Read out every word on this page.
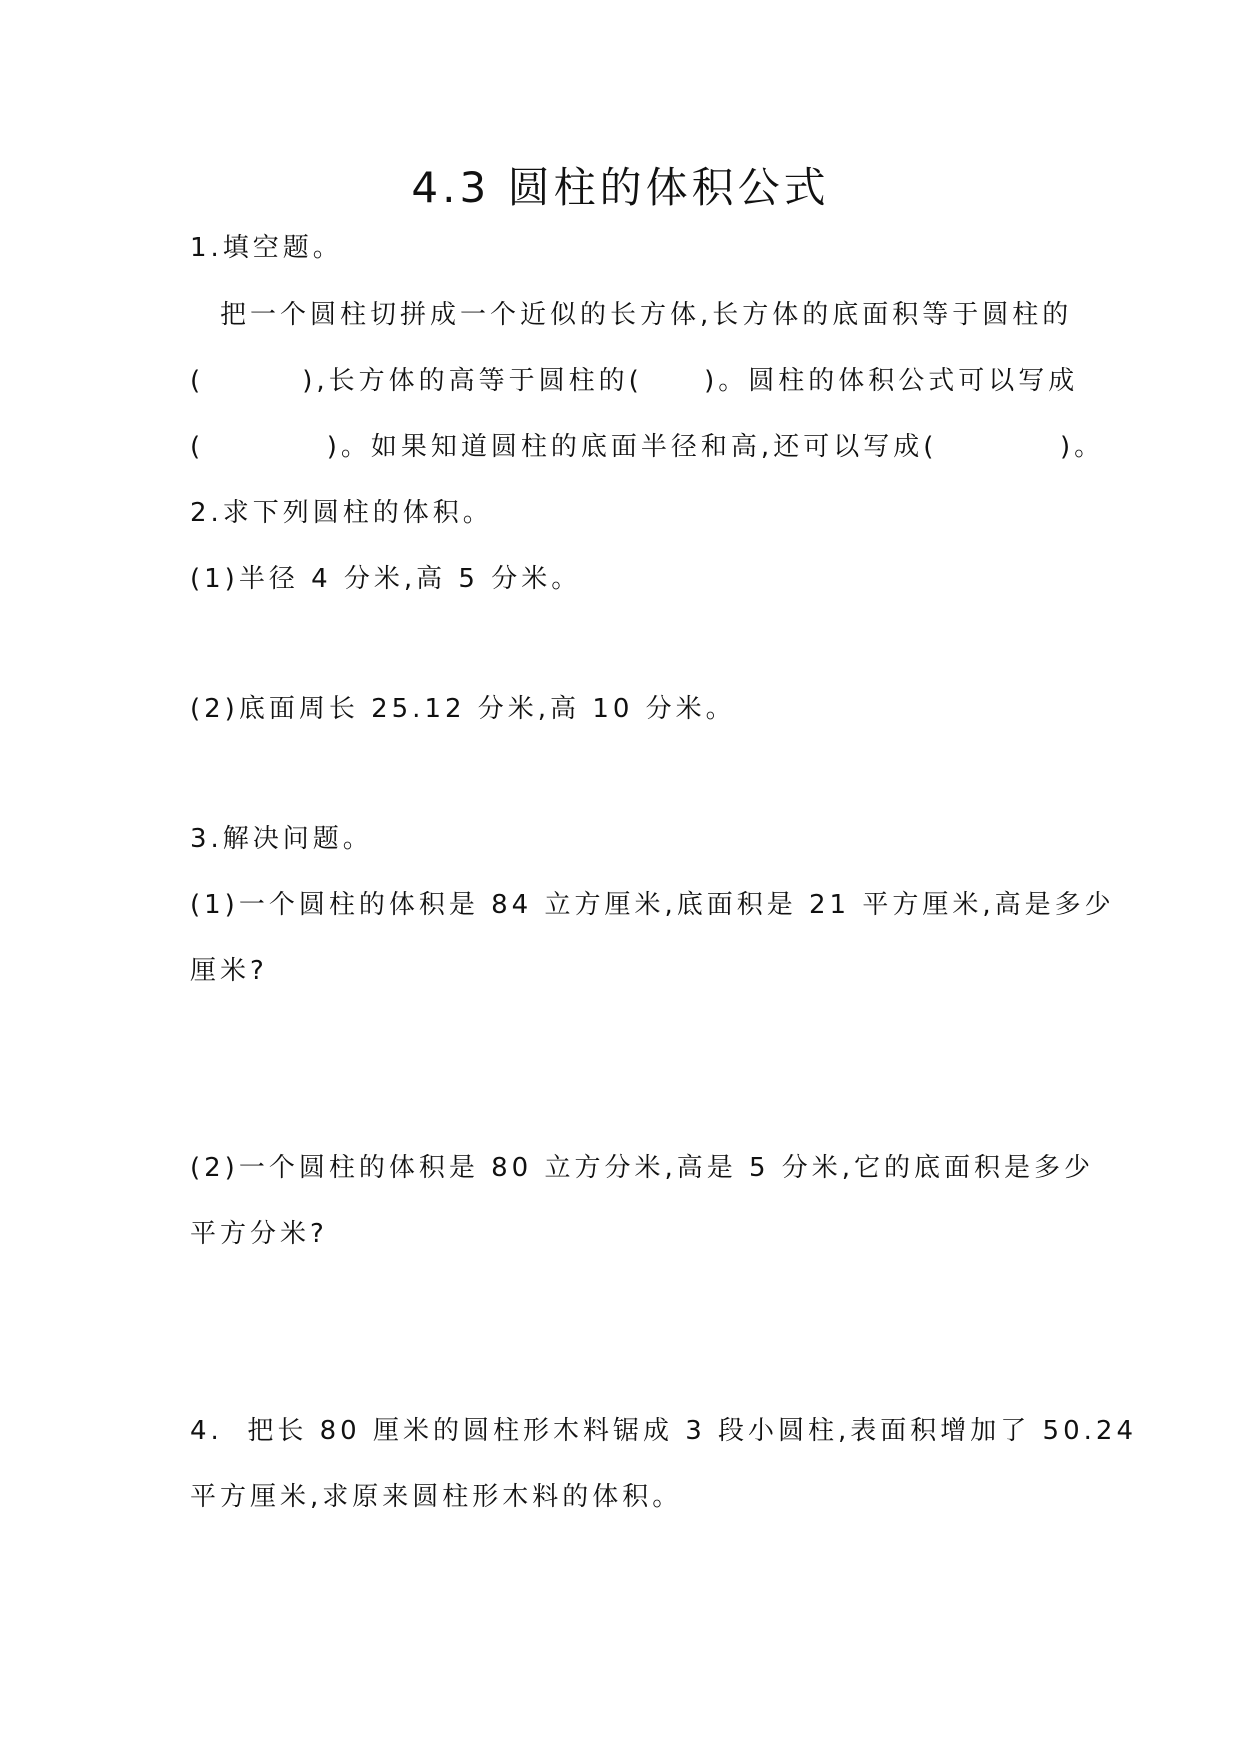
4.3 圆柱的体积公式
1.填空题。
把一个圆柱切拼成一个近似的长方体,长方体的底面积等于圆柱的
(        ),长方体的高等于圆柱的(     )。圆柱的体积公式可以写成
(          )。如果知道圆柱的底面半径和高,还可以写成(          )。
2.求下列圆柱的体积。
(1)半径 4 分米,高 5 分米。
(2)底面周长 25.12 分米,高 10 分米。
3.解决问题。
(1)一个圆柱的体积是 84 立方厘米,底面积是 21 平方厘米,高是多少
厘米?
(2)一个圆柱的体积是 80 立方分米,高是 5 分米,它的底面积是多少
平方分米?
4.  把长 80 厘米的圆柱形木料锯成 3 段小圆柱,表面积增加了 50.24
平方厘米,求原来圆柱形木料的体积。
